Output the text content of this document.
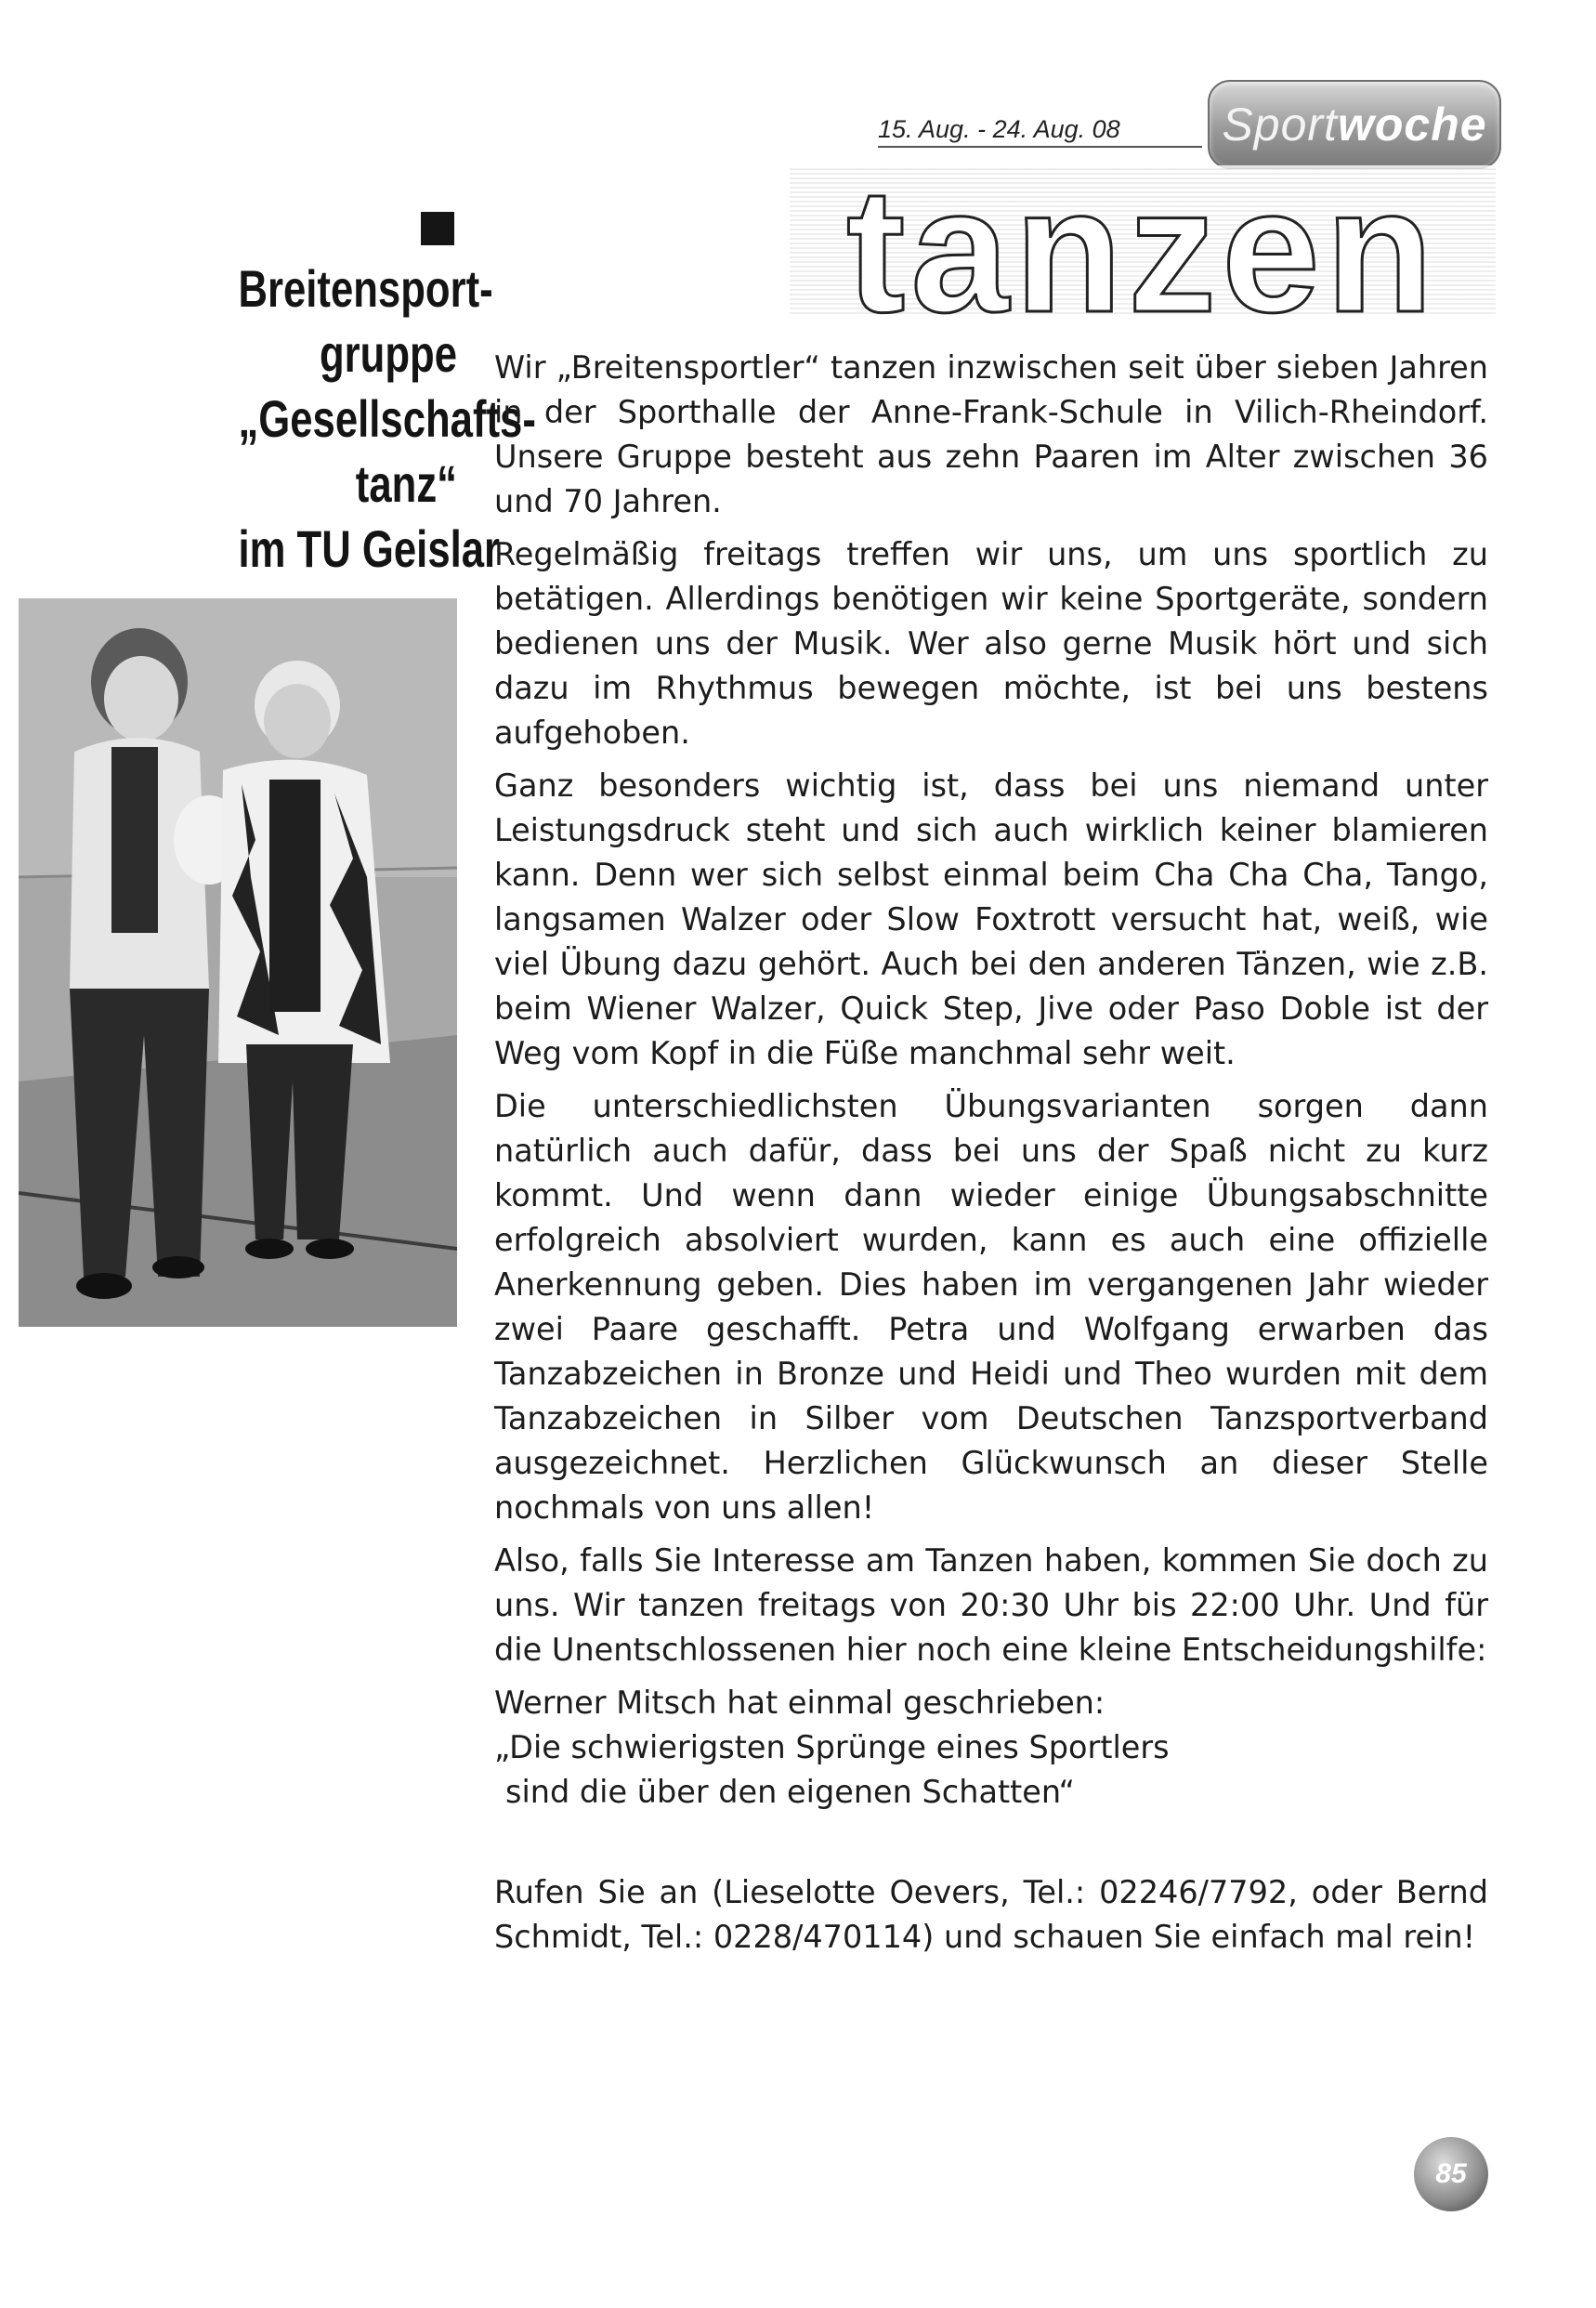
15. Aug. - 24. Aug. 08	Sport woche
tanzen
Breitensport-
gruppe
„Gesellschafts-
tanz“
im TU Geislar

Wir „Breitensportler“ tanzen inzwischen seit über sieben Jahren in der Sporthalle der Anne-Frank-Schule in Vilich-Rheindorf. Unsere Gruppe besteht aus zehn Paaren im Alter zwischen 36 und 70 Jahren.

Regelmäßig freitags treffen wir uns, um uns sportlich zu betätigen. Allerdings benötigen wir keine Sportgeräte, sondern bedienen uns der Musik. Wer also gerne Musik hört und sich dazu im Rhythmus bewegen möchte, ist bei uns bestens aufgehoben.

Ganz besonders wichtig ist, dass bei uns niemand unter Leistungsdruck steht und sich auch wirklich keiner blamieren kann. Denn wer sich selbst einmal beim Cha Cha Cha, Tango, langsamen Walzer oder Slow Foxtrott versucht hat, weiß, wie viel Übung dazu gehört. Auch bei den anderen Tänzen, wie z.B. beim Wiener Walzer, Quick Step, Jive oder Paso Doble ist der Weg vom Kopf in die Füße manchmal sehr weit.

Die unterschiedlichsten Übungsvarianten sorgen dann natürlich auch dafür, dass bei uns der Spaß nicht zu kurz kommt. Und wenn dann wieder einige Übungsabschnitte erfolgreich absolviert wurden, kann es auch eine offizielle Anerkennung geben. Dies haben im vergangenen Jahr wieder zwei Paare geschafft. Petra und Wolfgang erwarben das Tanzabzeichen in Bronze und Heidi und Theo wurden mit dem Tanzabzeichen in Silber vom Deutschen Tanzsportverband ausgezeichnet. Herzlichen Glückwunsch an dieser Stelle nochmals von uns allen!

Also, falls Sie Interesse am Tanzen haben, kommen Sie doch zu uns. Wir tanzen freitags von 20:30 Uhr bis 22:00 Uhr. Und für die Unentschlossenen hier noch eine kleine Entscheidungshilfe:

Werner Mitsch hat einmal geschrieben:

„Die schwierigsten Sprünge eines Sportlers

sind die über den eigenen Schatten“

Rufen Sie an (Lieselotte Oevers, Tel.: 02246/7792, oder Bernd Schmidt, Tel.: 0228/470114) und schauen Sie einfach mal rein!

85
